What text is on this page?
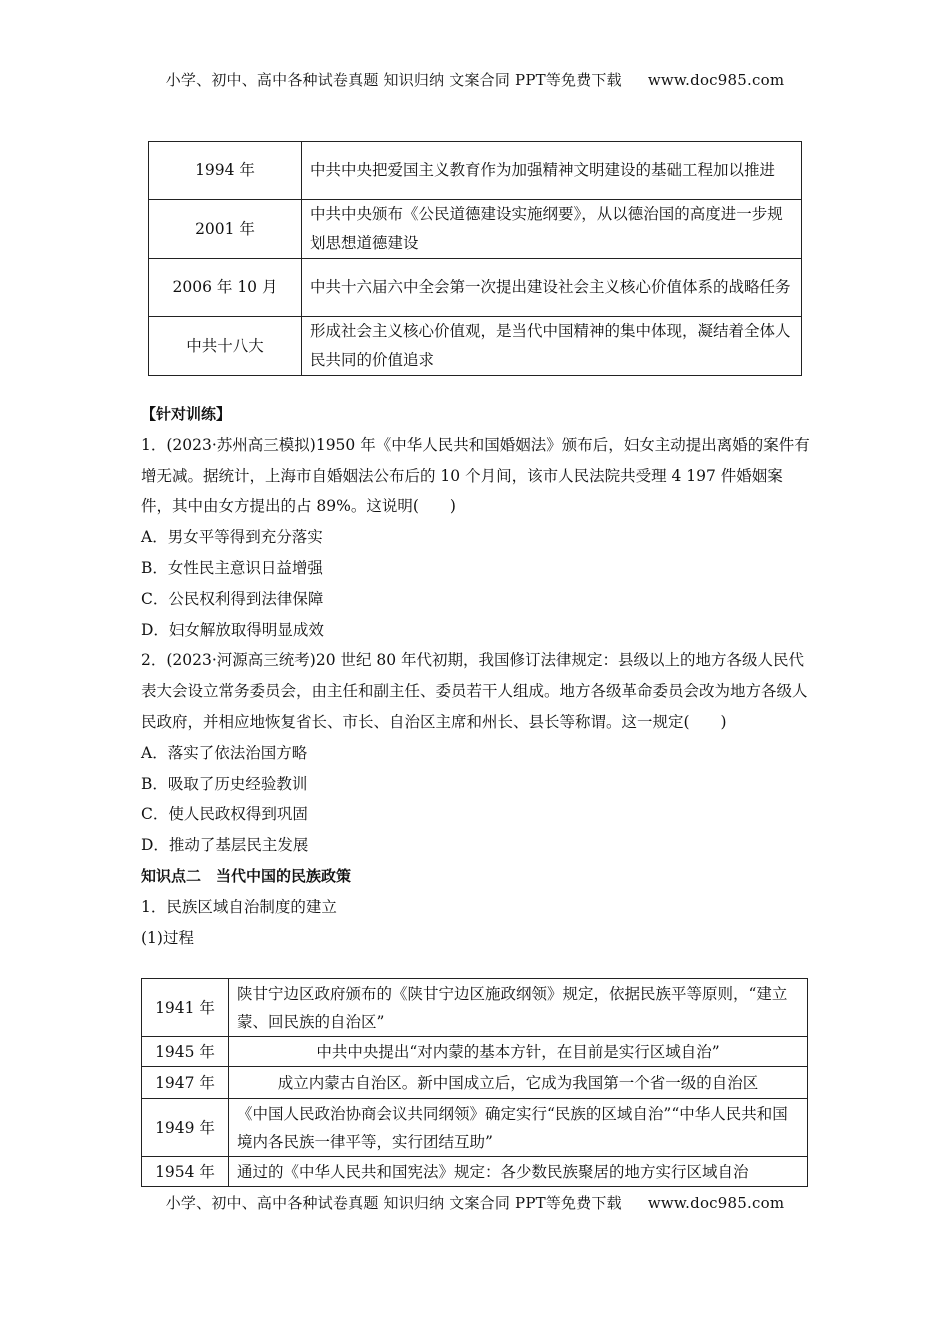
小学、初中、高中各种试卷真题 知识归纳 文案合同 PPT等免费下载 www.doc985.com
1994 年	中共中央把爱国主义教育作为加强精神文明建设的基础工程加以推进
2001 年	中共中央颁布《公民道德建设实施纲要》，从以德治国的高度进一步规划思想道德建设
2006 年 10 月	中共十六届六中全会第一次提出建设社会主义核心价值体系的战略任务
中共十八大	形成社会主义核心价值观，是当代中国精神的集中体现，凝结着全体人民共同的价值追求

【针对训练】

1．(2023·苏州高三模拟)1950 年《中华人民共和国婚姻法》颁布后，妇女主动提出离婚的案件有增无减。据统计，上海市自婚姻法公布后的 10 个月间，该市人民法院共受理 4 197 件婚姻案件，其中由女方提出的占 89%。这说明(　　)

A．男女平等得到充分落实

B．女性民主意识日益增强

C．公民权利得到法律保障

D．妇女解放取得明显成效

2．(2023·河源高三统考)20 世纪 80 年代初期，我国修订法律规定：县级以上的地方各级人民代表大会设立常务委员会，由主任和副主任、委员若干人组成。地方各级革命委员会改为地方各级人民政府，并相应地恢复省长、市长、自治区主席和州长、县长等称谓。这一规定(　　)

A．落实了依法治国方略

B．吸取了历史经验教训

C．使人民政权得到巩固

D．推动了基层民主发展

知识点二　当代中国的民族政策

1．民族区域自治制度的建立

(1)过程

1941 年	陕甘宁边区政府颁布的《陕甘宁边区施政纲领》规定，依据民族平等原则，“建立蒙、回民族的自治区”
1945 年	中共中央提出“对内蒙的基本方针，在目前是实行区域自治”
1947 年	成立内蒙古自治区。新中国成立后，它成为我国第一个省一级的自治区
1949 年	《中国人民政治协商会议共同纲领》确定实行“民族的区域自治”“中华人民共和国境内各民族一律平等，实行团结互助”
1954 年	通过的《中华人民共和国宪法》规定：各少数民族聚居的地方实行区域自治
小学、初中、高中各种试卷真题 知识归纳 文案合同 PPT等免费下载 www.doc985.com
